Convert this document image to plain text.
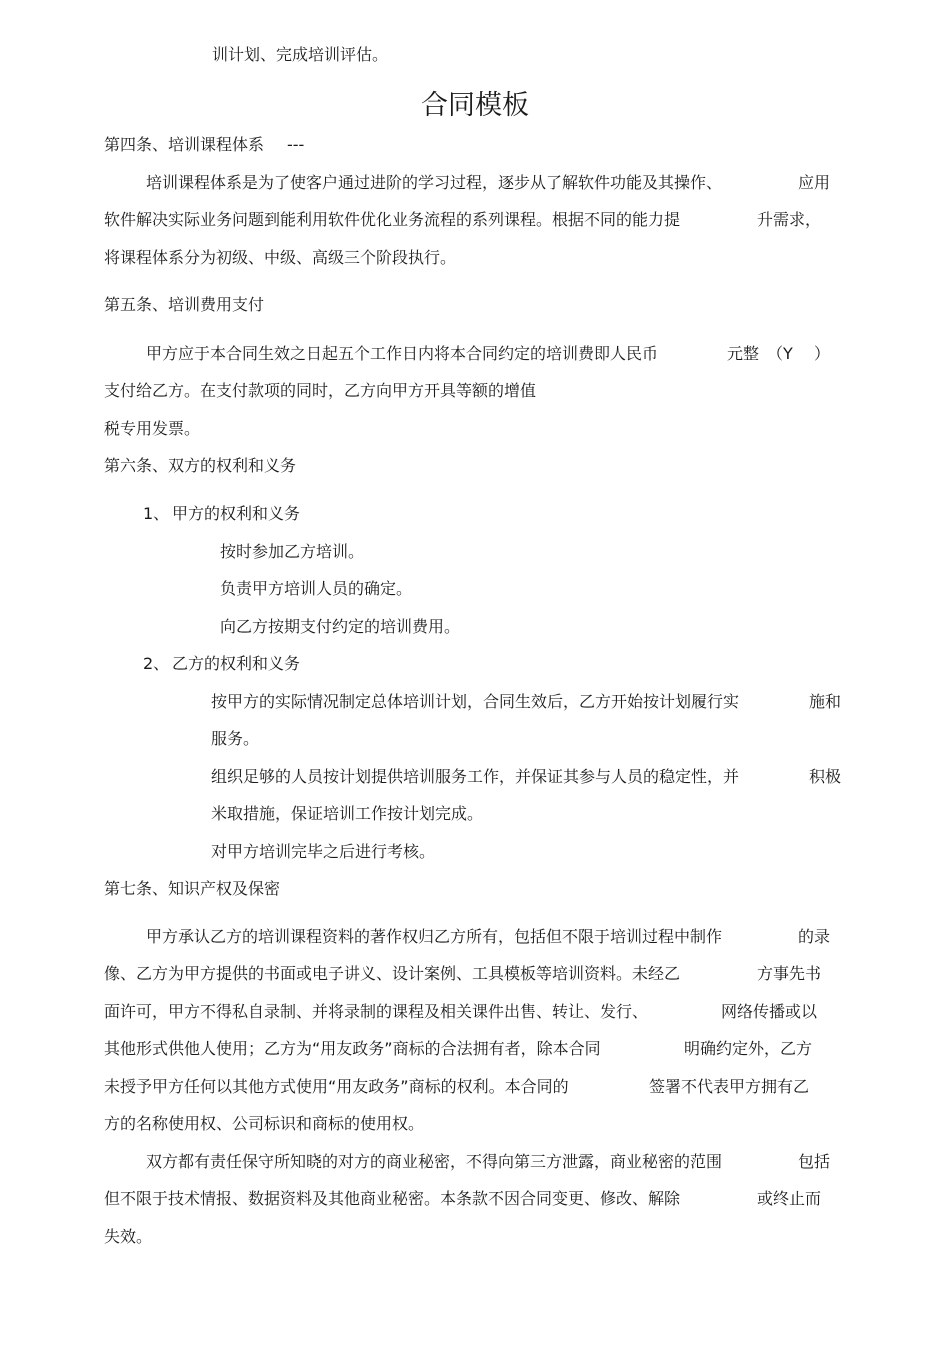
训计划、完成培训评估。
合同模板
第四条、培训课程体系 ---
培训课程体系是为了使客户通过进阶的学习过程，逐步从了解软件功能及其操作、	应用
软件解决实际业务问题到能利用软件优化业务流程的系列课程。根据不同的能力提	升需求，
将课程体系分为初级、中级、高级三个阶段执行。
第五条、培训费用支付
甲方应于本合同生效之日起五个工作日内将本合同约定的培训费即人民币	元整 （Y ）
支付给乙方。在支付款项的同时，乙方向甲方开具等额的增值
税专用发票。
第六条、双方的权利和义务
1、 甲方的权利和义务
按时参加乙方培训。
负责甲方培训人员的确定。
向乙方按期支付约定的培训费用。
2、 乙方的权利和义务
按甲方的实际情况制定总体培训计划，合同生效后，乙方开始按计划履行实	施和
服务。
组织足够的人员按计划提供培训服务工作，并保证其参与人员的稳定性，并	积极
米取措施，保证培训工作按计划完成。
对甲方培训完毕之后进行考核。
第七条、知识产权及保密
甲方承认乙方的培训课程资料的著作权归乙方所有，包括但不限于培训过程中制作	的录
像、乙方为甲方提供的书面或电子讲义、设计案例、工具模板等培训资料。未经乙	方事先书
面许可，甲方不得私自录制、并将录制的课程及相关课件出售、转让、发行、	网络传播或以
其他形式供他人使用；乙方为“用友政务”商标的合法拥有者，除本合同	明确约定外，乙方
未授予甲方任何以其他方式使用“用友政务”商标的权利。本合同的	签署不代表甲方拥有乙
方的名称使用权、公司标识和商标的使用权。
双方都有责任保守所知晓的对方的商业秘密，不得向第三方泄露，商业秘密的范围	包括
但不限于技术情报、数据资料及其他商业秘密。本条款不因合同变更、修改、解除	或终止而
失效。
